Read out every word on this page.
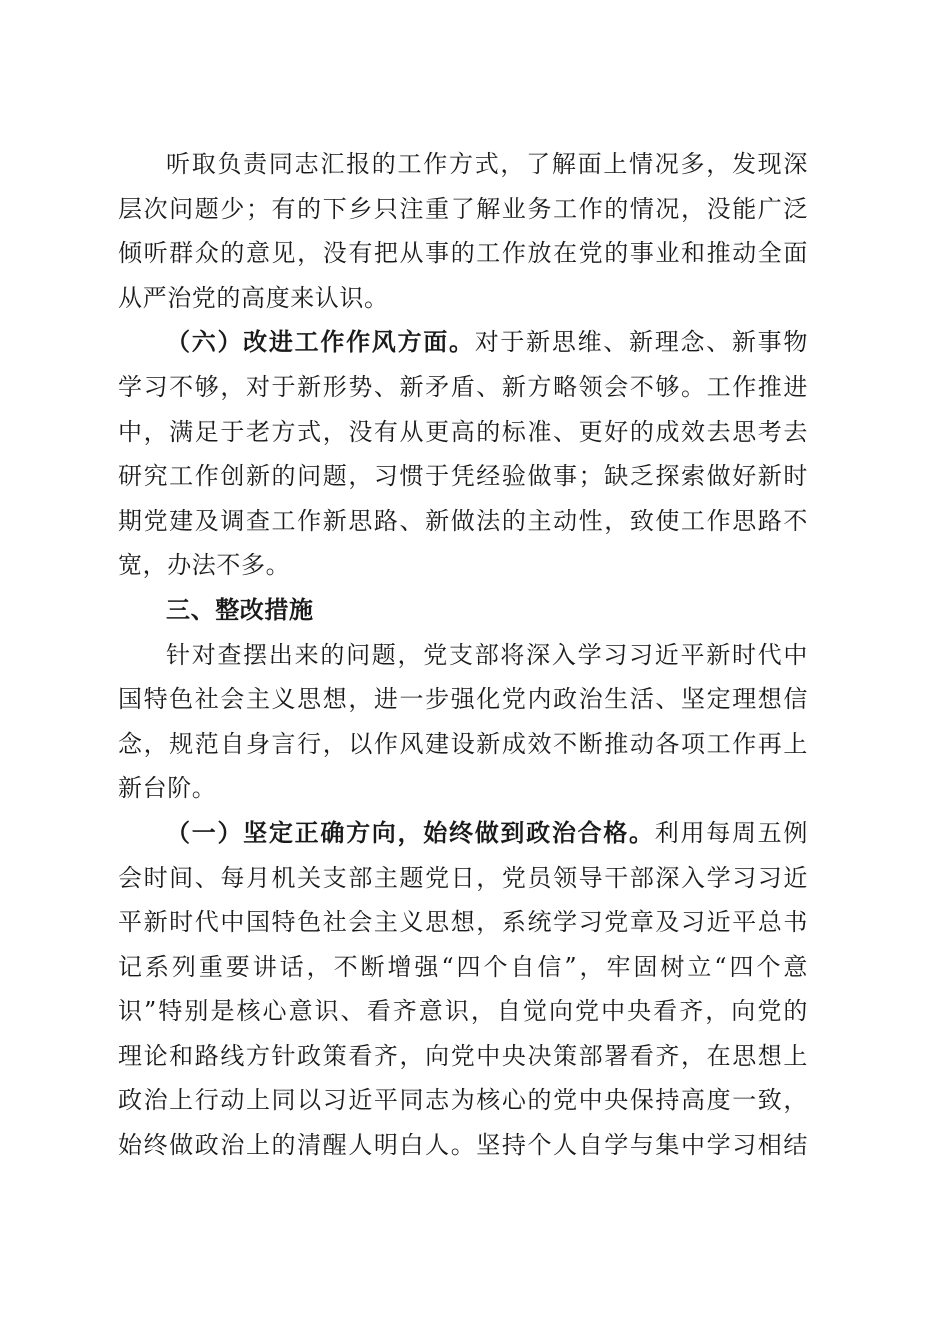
听取负责同志汇报的工作方式，了解面上情况多，发现深
层次问题少；有的下乡只注重了解业务工作的情况，没能广泛
倾听群众的意见，没有把从事的工作放在党的事业和推动全面
从严治党的高度来认识。
（六）改进工作作风方面。对于新思维、新理念、新事物
学习不够，对于新形势、新矛盾、新方略领会不够。工作推进
中，满足于老方式，没有从更高的标准、更好的成效去思考去
研究工作创新的问题，习惯于凭经验做事；缺乏探索做好新时
期党建及调查工作新思路、新做法的主动性，致使工作思路不
宽，办法不多。
三、整改措施
针对查摆出来的问题，党支部将深入学习习近平新时代中
国特色社会主义思想，进一步强化党内政治生活、坚定理想信
念，规范自身言行，以作风建设新成效不断推动各项工作再上
新台阶。
（一）坚定正确方向，始终做到政治合格。利用每周五例
会时间、每月机关支部主题党日，党员领导干部深入学习习近
平新时代中国特色社会主义思想，系统学习党章及习近平总书
记系列重要讲话，不断增强“四个自信”，牢固树立“四个意
识”特别是核心意识、看齐意识，自觉向党中央看齐，向党的
理论和路线方针政策看齐，向党中央决策部署看齐，在思想上
政治上行动上同以习近平同志为核心的党中央保持高度一致，
始终做政治上的清醒人明白人。坚持个人自学与集中学习相结
